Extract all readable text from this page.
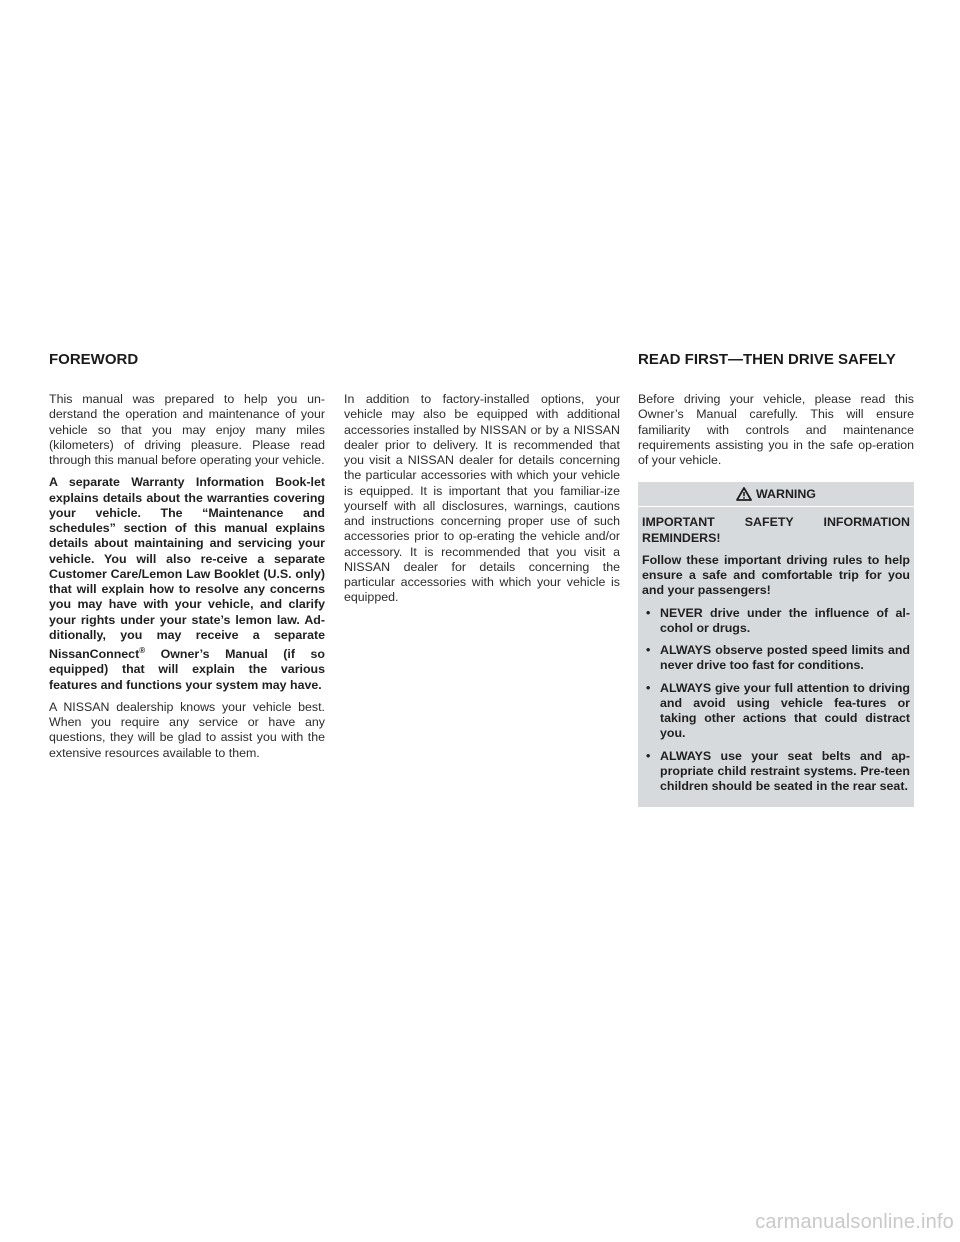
FOREWORD	READ FIRST—THEN DRIVE SAFELY

This manual was prepared to help you un-derstand the operation and maintenance of your vehicle so that you may enjoy many miles (kilometers) of driving pleasure. Please read through this manual before operating your vehicle.

A separate Warranty Information Book-let explains details about the warranties covering your vehicle. The “Maintenance and schedules” section of this manual explains details about maintaining and servicing your vehicle. You will also re-ceive a separate Customer Care/Lemon Law Booklet (U.S. only) that will explain how to resolve any concerns you may have with your vehicle, and clarify your rights under your state’s lemon law. Ad-ditionally, you may receive a separate NissanConnect® Owner’s Manual (if so equipped) that will explain the various features and functions your system may have.

A NISSAN dealership knows your vehicle best. When you require any service or have any questions, they will be glad to assist you with the extensive resources available to them.

In addition to factory-installed options, your vehicle may also be equipped with additional accessories installed by NISSAN or by a NISSAN dealer prior to delivery. It is recommended that you visit a NISSAN dealer for details concerning the particular accessories with which your vehicle is equipped. It is important that you familiar-ize yourself with all disclosures, warnings, cautions and instructions concerning proper use of such accessories prior to op-erating the vehicle and/or accessory. It is recommended that you visit a NISSAN dealer for details concerning the particular accessories with which your vehicle is equipped.

Before driving your vehicle, please read this Owner’s Manual carefully. This will ensure familiarity with controls and maintenance requirements assisting you in the safe op-eration of your vehicle.

WARNING

IMPORTANT SAFETY INFORMATION REMINDERS!

Follow these important driving rules to help ensure a safe and comfortable trip for you and your passengers!

• NEVER drive under the influence of al-cohol or drugs.
• ALWAYS observe posted speed limits and never drive too fast for conditions.
• ALWAYS give your full attention to driving and avoid using vehicle fea-tures or taking other actions that could distract you.
• ALWAYS use your seat belts and ap-propriate child restraint systems. Pre-teen children should be seated in the rear seat.
carmanualsonline.info
